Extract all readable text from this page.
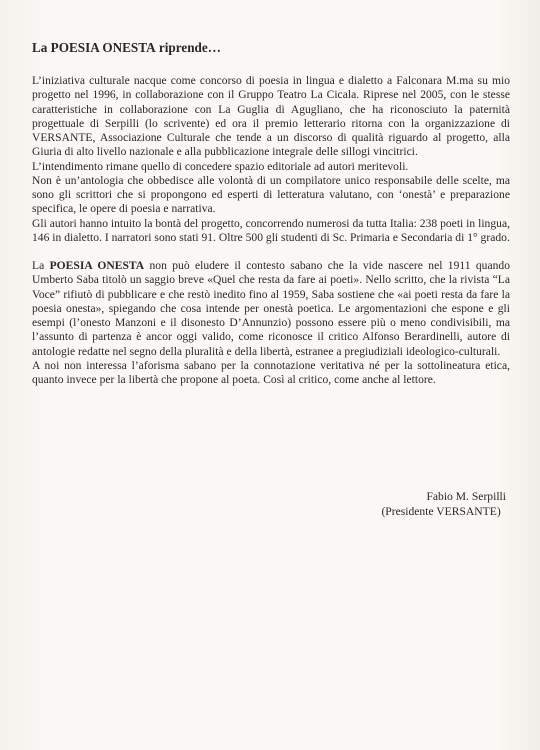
La POESIA ONESTA riprende…

L’iniziativa culturale nacque come concorso di poesia in lingua e dialetto a Falconara M.ma su mio progetto nel 1996, in collaborazione con il Gruppo Teatro La Cicala. Ripresе nel 2005, con le stesse caratteristiche in collaborazione con La Guglia di Agugliano, che ha riconosciuto la paternità progettuale di Serpilli (lo scrivente) ed ora il premio letterario ritorna con la organizzazione di VERSANTE, Associazione Culturale che tende a un discorso di qualità riguardo al progetto, alla Giuria di alto livello nazionale e alla pubblicazione integrale delle sillogi vincitrici.

L’intendimento rimane quello di concedere spazio editoriale ad autori meritevoli.

Non è un’antologia che obbedisce alle volontà di un compilatore unico responsabile delle scelte, ma sono gli scrittori che si propongono ed esperti di letteratura valutano, con ‘onestà’ e preparazione specifica, le opere di poesia e narrativa.

Gli autori hanno intuito la bontà del progetto, concorrendo numerosi da tutta Italia: 238 poeti in lingua, 146 in dialetto. I narratori sono stati 91. Oltre 500 gli studenti di Sc. Primaria e Secondaria di 1° grado.

La POESIA ONESTA non può eludere il contesto sabano che la vide nascere nel 1911 quando Umberto Saba titolò un saggio breve «Quel che resta da fare ai poeti». Nello scritto, che la rivista “La Voce” rifiutò di pubblicare e che restò inedito fino al 1959, Saba sostiene che «ai poeti resta da fare la poesia onesta», spiegando che cosa intende per onestà poetica. Le argomentazioni che espone e gli esempi (l’onesto Manzoni e il disonesto D’Annunzio) possono essere più o meno condivisibili, ma l’assunto di partenza è ancor oggi valido, come riconosce il critico Alfonso Berardinelli, autore di antologie redatte nel segno della pluralità e della libertà, estranee a pregiudiziali ideologico-culturali.

A noi non interessa l’aforisma sabano per la connotazione veritativa né per la sottolineatura etica, quanto invece per la libertà che propone al poeta. Così al critico, come anche al lettore.

Fabio M. Serpilli
(Presidente VERSANTE)
